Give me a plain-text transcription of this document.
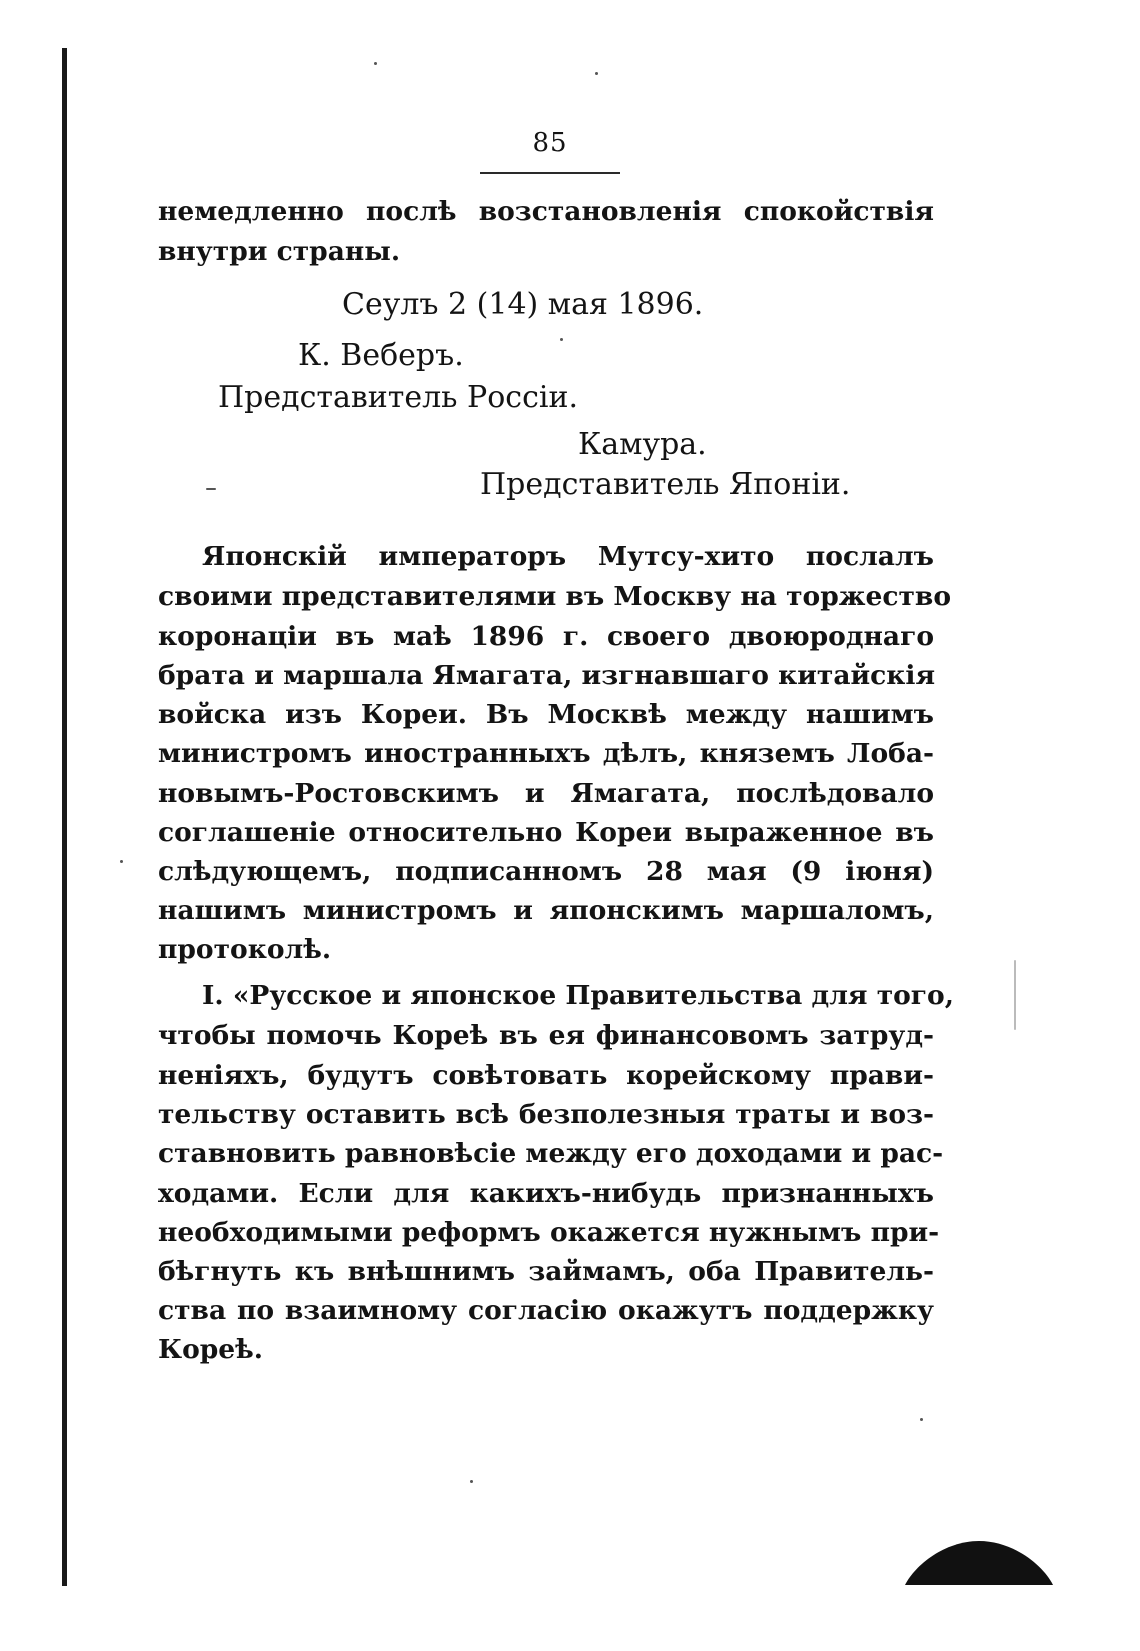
85
немедленно послѣ возстановленія спокойствія
внутри страны.
Сеулъ 2 (14) мая 1896.
К. Веберъ.
Представитель Россіи.
Камура.
Представитель Японіи.
Японскій императоръ Мутсу-хито послалъ
своими представителями въ Москву на торжество
коронаціи въ маѣ 1896 г. своего двоюроднаго
брата и маршала Ямагата, изгнавшаго китайскія
войска изъ Кореи. Въ Москвѣ между нашимъ
министромъ иностранныхъ дѣлъ, княземъ Лоба-
новымъ-Ростовскимъ и Ямагата, послѣдовало
соглашеніе относительно Кореи выраженное въ
слѣдующемъ, подписанномъ 28 мая (9 іюня)
нашимъ министромъ и японскимъ маршаломъ,
протоколѣ.
I. «Русское и японское Правительства для того,
чтобы помочь Кореѣ въ ея финансовомъ затруд-
неніяхъ, будутъ совѣтовать корейскому прави-
тельству оставить всѣ безполезныя траты и воз-
ставновить равновѣсіе между его доходами и рас-
ходами. Если для какихъ-нибудь признанныхъ
необходимыми реформъ окажется нужнымъ при-
бѣгнуть къ внѣшнимъ займамъ, оба Правитель-
ства по взаимному согласію окажутъ поддержку
Кореѣ.
